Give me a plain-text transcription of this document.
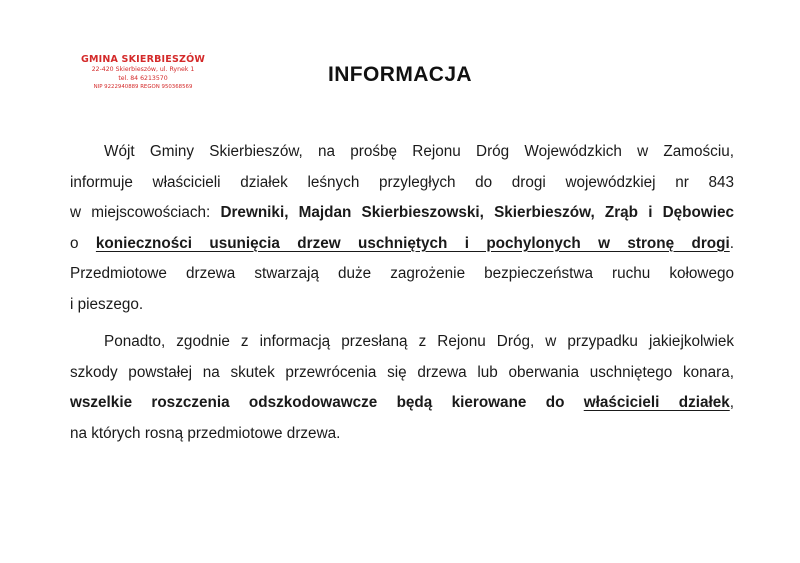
GMINA SKIERBIESZÓW
22-420 Skierbieszów, ul. Rynek 1
tel. 84 6213570
NIP 9222940889 REGON 950368569
INFORMACJA
Wójt Gminy Skierbieszów, na prośbę Rejonu Dróg Wojewódzkich w Zamościu,
informuje właścicieli działek leśnych przyległych do drogi wojewódzkiej nr 843
w miejscowościach: Drewniki, Majdan Skierbieszowski, Skierbieszów, Zrąb i Dębowiec
o konieczności usunięcia drzew uschniętych i pochylonych w stronę drogi.
Przedmiotowe drzewa stwarzają duże zagrożenie bezpieczeństwa ruchu kołowego
i pieszego.
Ponadto, zgodnie z informacją przesłaną z Rejonu Dróg, w przypadku jakiejkolwiek
szkody powstałej na skutek przewrócenia się drzewa lub oberwania uschniętego konara,
wszelkie roszczenia odszkodowawcze będą kierowane do właścicieli działek,
na których rosną przedmiotowe drzewa.
